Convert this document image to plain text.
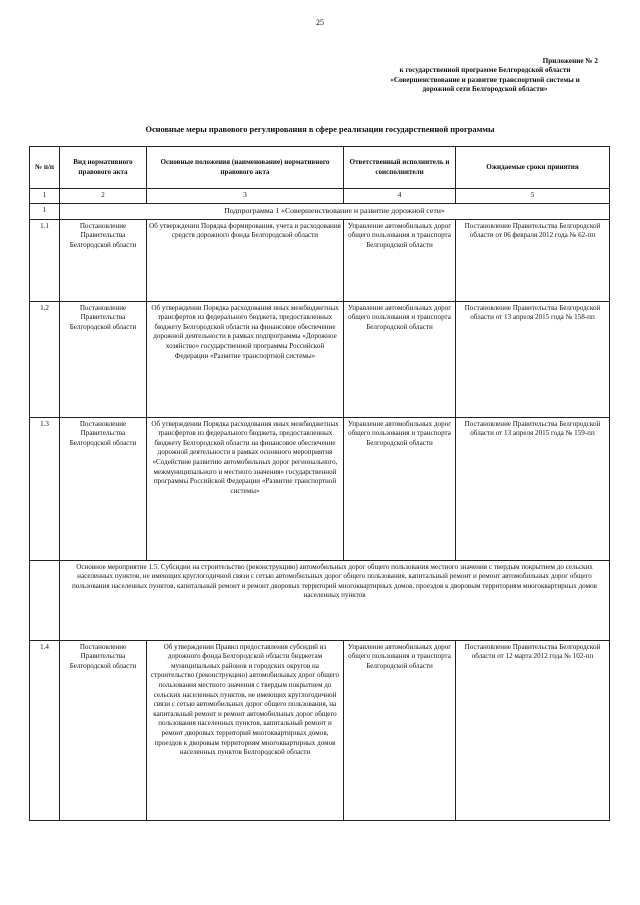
25
Приложение № 2
к государственной программе Белгородской области
«Совершенствование и развитие транспортной системы и
дорожной сети Белгородской области»
Основные меры правового регулирования в сфере реализации государственной программы
№ п/п	Вид нормативного правового акта	Основные положения (наименование) нормативного правового акта	Ответственный исполнитель и соисполнители	Ожидаемые сроки принятия
1	2	3	4	5
1	Подпрограмма 1 «Совершенствование и развитие дорожной сети»			
1.1	Постановление Правительства Белгородской области	Об утверждении Порядка формирования, учета и расходования средств дорожного фонда Белгородской области	Управление автомобильных дорог общего пользования и транспорта Белгородской области	Постановление Правительства Белгородской области от 06 февраля 2012 года № 62-пп
1.2	Постановление Правительства Белгородской области	Об утверждении Порядка расходования иных межбюджетных трансфертов из федерального бюджета, предоставленных бюджету Белгородской области на финансовое обеспечение дорожной деятельности в рамках подпрограммы «Дорожное хозяйство» государственной программы Российской Федерации «Развитие транспортной системы»	Управление автомобильных дорог общего пользования и транспорта Белгородской области	Постановление Правительства Белгородской области от 13 апреля 2015 года № 158-пп
1.3	Постановление Правительства Белгородской области	Об утверждении Порядка расходования иных межбюджетных трансфертов из федерального бюджета, предоставленных бюджету Белгородской области на финансовое обеспечение дорожной деятельности в рамках основного мероприятия «Содействие развитию автомобильных дорог регионального, межмуниципального и местного значения» государственной программы Российской Федерации «Развитие транспортной системы»	Управление автомобильных дорог общего пользования и транспорта Белгородской области	Постановление Правительства Белгородской области от 13 апреля 2015 года № 159-пп
	Основное мероприятие 1.5. Субсидии на строительство (реконструкцию) автомобильных дорог общего пользования местного значения с твердым покрытием до сельских населенных пунктов, не имеющих круглогодичной связи с сетью автомобильных дорог общего пользования, капитальный ремонт и ремонт автомобильных дорог общего пользования населенных пунктов, капитальный ремонт и ремонт дворовых территорий многоквартирных домов, проездов к дворовым территориям многоквартирных домов населенных пунктов			
1.4	Постановление Правительства Белгородской области	Об утверждении Правил предоставления субсидий из дорожного фонда Белгородской области бюджетам муниципальных районов и городских округов на строительство (реконструкцию) автомобильных дорог общего пользования местного значения с твердым покрытием до сельских населенных пунктов, не имеющих круглогодичной связи с сетью автомобильных дорог общего пользования, на капитальный ремонт и ремонт автомобильных дорог общего пользования населенных пунктов, капитальный ремонт и ремонт дворовых территорий многоквартирных домов, проездов к дворовым территориям многоквартирных домов населенных пунктов Белгородской области	Управление автомобильных дорог общего пользования и транспорта Белгородской области	Постановление Правительства Белгородской области от 12 марта 2012 года № 102-пп
